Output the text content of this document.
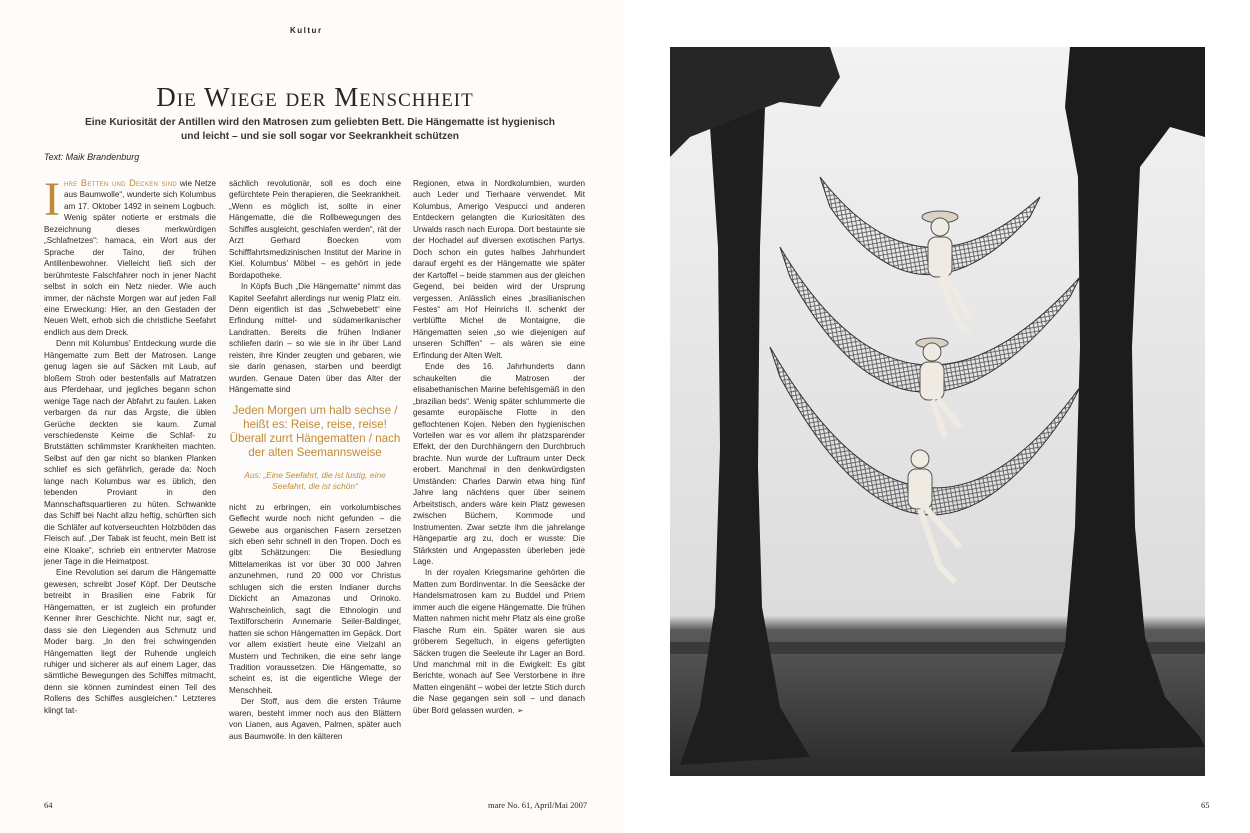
Kultur
Die Wiege der Menschheit
Eine Kuriosität der Antillen wird den Matrosen zum geliebten Bett. Die Hängematte ist hygienisch und leicht – und sie soll sogar vor Seekrankheit schützen
Text: Maik Brandenburg

Ihre Betten und Decken sind wie Netze aus Baumwolle“, wunderte sich Kolumbus am 17. Oktober 1492 in seinem Logbuch. Wenig später notierte er erstmals die Bezeichnung dieses merkwürdigen „Schlafnetzes“: hamaca, ein Wort aus der Sprache der Taíno, der frühen Antillenbewohner. Vielleicht ließ sich der berühmteste Falschfahrer noch in jener Nacht selbst in solch ein Netz nieder. Wie auch immer, der nächste Morgen war auf jeden Fall eine Erweckung: Hier, an den Gestaden der Neuen Welt, erhob sich die christliche Seefahrt endlich aus dem Dreck.

Denn mit Kolumbus’ Entdeckung wurde die Hängematte zum Bett der Matrosen. Lange genug lagen sie auf Säcken mit Laub, auf bloßem Stroh oder bestenfalls auf Matratzen aus Pferdehaar, und jegliches begann schon wenige Tage nach der Abfahrt zu faulen. Laken verbargen da nur das Ärgste, die üblen Gerüche deckten sie kaum. Zumal verschiedenste Keime die Schlaf- zu Brutstätten schlimmster Krankheiten machten. Selbst auf den gar nicht so blanken Planken schlief es sich gefährlich, gerade da: Noch lange nach Kolumbus war es üblich, den lebenden Proviant in den Mannschaftsquartieren zu hüten. Schwankte das Schiff bei Nacht allzu heftig, schürften sich die Schläfer auf kotverseuchten Holzböden das Fleisch auf. „Der Tabak ist feucht, mein Bett ist eine Kloake“, schrieb ein entnervter Matrose jener Tage in die Heimatpost.

Eine Revolution sei darum die Hängematte gewesen, schreibt Josef Köpf. Der Deutsche betreibt in Brasilien eine Fabrik für Hängematten, er ist zugleich ein profunder Kenner ihrer Geschichte. Nicht nur, sagt er, dass sie den Liegenden aus Schmutz und Moder barg. „In den frei schwingenden Hängematten liegt der Ruhende ungleich ruhiger und sicherer als auf einem Lager, das sämtliche Bewegungen des Schiffes mitmacht, denn sie können zumindest einen Teil des Rollens des Schiffes ausgleichen.“ Letzteres klingt tat-

sächlich revolutionär, soll es doch eine gefürchtete Pein therapieren, die Seekrankheit. „Wenn es möglich ist, sollte in einer Hängematte, die die Rollbewegungen des Schiffes ausgleicht, geschlafen werden“, rät der Arzt Gerhard Boecken vom Schifffahrtsmedizinischen Institut der Marine in Kiel. Kolumbus’ Möbel – es gehört in jede Bordapotheke.

In Köpfs Buch „Die Hängematte“ nimmt das Kapitel Seefahrt allerdings nur wenig Platz ein. Denn eigentlich ist das „Schwebebett“ eine Erfindung mittel- und südamerikanischer Landratten. Bereits die frühen Indianer schliefen darin – so wie sie in ihr über Land reisten, ihre Kinder zeugten und gebaren, wie sie darin genasen, starben und beerdigt wurden. Genaue Daten über das Alter der Hängematte sind

Jeden Morgen um halb sechse / heißt es: Reise, reise, reise! Überall zurrt Hängematten / nach der alten Seemannsweise
Aus: „Eine Seefahrt, die ist lustig, eine Seefahrt, die ist schön“

nicht zu erbringen, ein vorkolumbisches Geflecht wurde noch nicht gefunden – die Gewebe aus organischen Fasern zersetzen sich eben sehr schnell in den Tropen. Doch es gibt Schätzungen: Die Besiedlung Mittelamerikas ist vor über 30 000 Jahren anzunehmen, rund 20 000 vor Christus schlugen sich die ersten Indianer durchs Dickicht an Amazonas und Orinoko. Wahrscheinlich, sagt die Ethnologin und Textilforscherin Annemarie Seiler-Baldinger, hatten sie schon Hängematten im Gepäck. Dort vor allem existiert heute eine Vielzahl an Mustern und Techniken, die eine sehr lange Tradition voraussetzen. Die Hängematte, so scheint es, ist die eigentliche Wiege der Menschheit.

Der Stoff, aus dem die ersten Träume waren, besteht immer noch aus den Blättern von Lianen, aus Agaven, Palmen, später auch aus Baumwolle. In den kälteren

Regionen, etwa in Nordkolumbien, wurden auch Leder und Tierhaare verwendet. Mit Kolumbus, Amerigo Vespucci und anderen Entdeckern gelangten die Kuriositäten des Urwalds rasch nach Europa. Dort bestaunte sie der Hochadel auf diversen exotischen Partys. Doch schon ein gutes halbes Jahrhundert darauf ergeht es der Hängematte wie später der Kartoffel – beide stammen aus der gleichen Gegend, bei beiden wird der Ursprung vergessen. Anlässlich eines „brasilianischen Festes“ am Hof Heinrichs II. schenkt der verblüffte Michel de Montaigne, die Hängematten seien „so wie diejenigen auf unseren Schiffen“ – als wären sie eine Erfindung der Alten Welt.

Ende des 16. Jahrhunderts dann schaukelten die Matrosen der elisabethanischen Marine befehlsgemäß in den „brazilian beds“. Wenig später schlummerte die gesamte europäische Flotte in den geflochtenen Kojen. Neben den hygienischen Vorteilen war es vor allem ihr platzsparender Effekt, der den Durchhängern den Durchbruch brachte. Nun wurde der Luftraum unter Deck erobert. Manchmal in den denkwürdigsten Umständen: Charles Darwin etwa hing fünf Jahre lang nächtens quer über seinem Arbeitstisch, anders wäre kein Platz gewesen zwischen Büchern, Kommode und Instrumenten. Zwar setzte ihm die jahrelange Hängepartie arg zu, doch er wusste: Die Stärksten und Angepassten überleben jede Lage.

In der royalen Kriegsmarine gehörten die Matten zum Bordinventar. In die Seesäcke der Handelsmatrosen kam zu Buddel und Priem immer auch die eigene Hängematte. Die frühen Matten nahmen nicht mehr Platz als eine große Flasche Rum ein. Später waren sie aus gröberem Segeltuch, in eigens gefertigten Säcken trugen die Seeleute ihr Lager an Bord. Und manchmal mit in die Ewigkeit: Es gibt Berichte, wonach auf See Verstorbene in ihre Matten eingenäht – wobei der letzte Stich durch die Nase gegangen sein soll – und danach über Bord gelassen wurden. ➢

64	mare No. 61, April/Mai 2007	65
